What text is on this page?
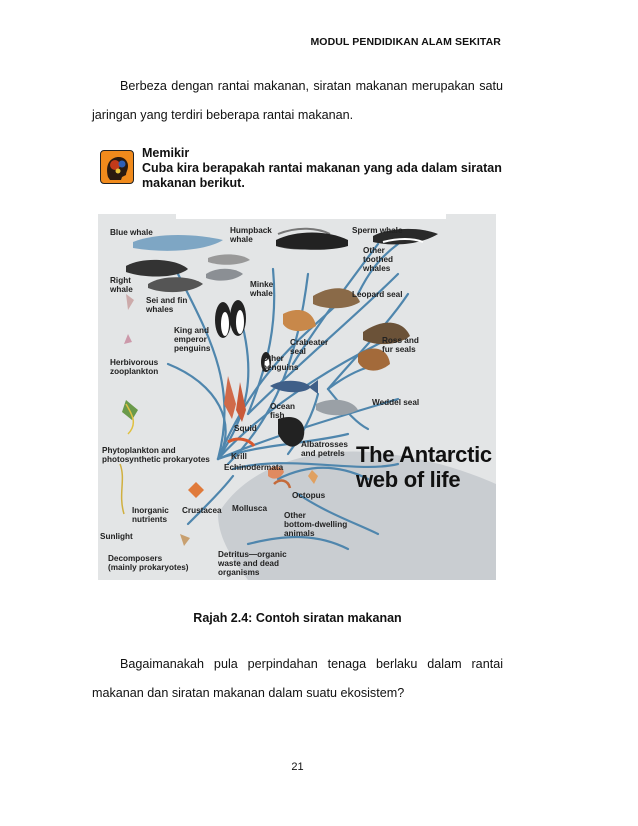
MODUL PENDIDIKAN ALAM SEKITAR
Berbeza dengan rantai makanan, siratan makanan merupakan satu jaringan yang terdiri beberapa rantai makanan.
Memikir
Cuba kira berapakah rantai makanan yang ada dalam siratan makanan berikut.
Blue whale	Humpback
whale
Sperm whale
Other
toothed
whales
Right
whale
Sei and fin
whales
Minke
whale	Leopard seal
King and
emperor
penguins
Crabeater
seal
Ross and
fur seals
Herbivorous
zooplankton
Other
penguins
Weddel seal
Ocean
fish
Squid
Albatrosses
and petrels
Phytoplankton and
photosynthetic prokaryotes	Krill
Echinodermata
Octopus
Inorganic
nutrients
Crustacea Mollusca
Other
bottom-dwelling
animals
Sunlight
Decomposers
(mainly prokaryotes)
Detritus—organic
waste and dead
organisms
The Antarctic
web of life
Rajah 2.4: Contoh siratan makanan
Bagaimanakah pula perpindahan tenaga berlaku dalam rantai makanan dan siratan makanan dalam suatu ekosistem?
21
